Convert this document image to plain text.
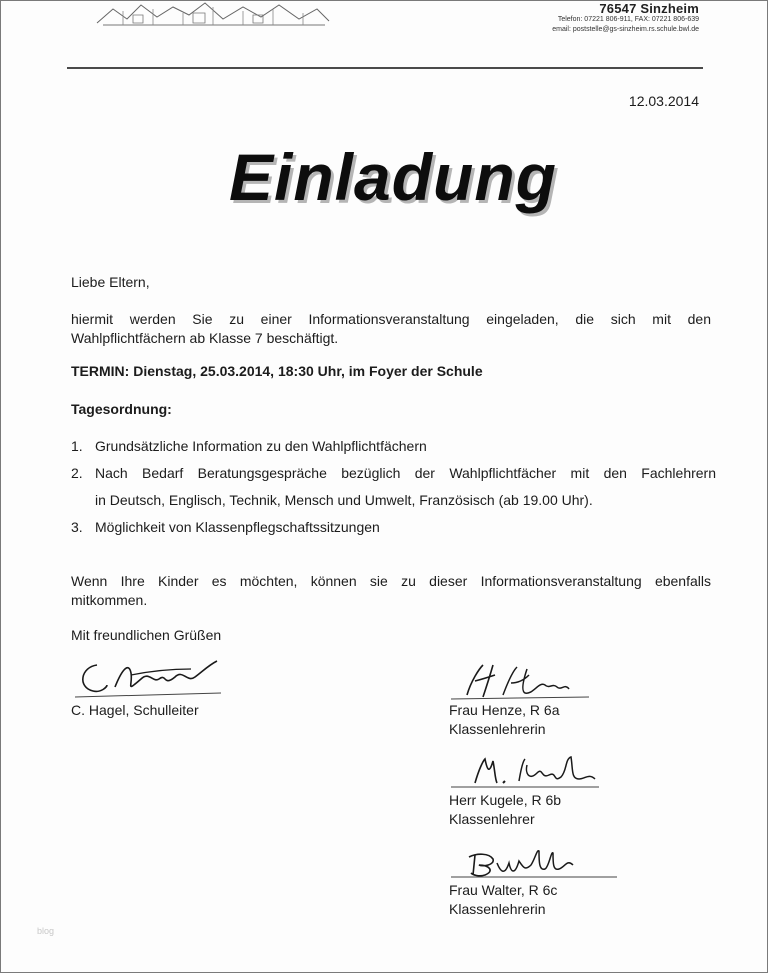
76547 Sinzheim
Telefon: 07221 806-911, FAX: 07221 806-639
email: poststelle@gs-sinzheim.rs.schule.bwl.de
12.03.2014
Einladung
Liebe Eltern,
hiermit werden Sie zu einer Informationsveranstaltung eingeladen, die sich mit den
Wahlpflichtfächern ab Klasse 7 beschäftigt.
TERMIN: Dienstag, 25.03.2014, 18:30 Uhr, im Foyer der Schule
Tagesordnung:
1. Grundsätzliche Information zu den Wahlpflichtfächern
2. Nach Bedarf Beratungsgespräche bezüglich der Wahlpflichtfächer mit den Fachlehrern
in Deutsch, Englisch, Technik, Mensch und Umwelt, Französisch (ab 19.00 Uhr).
3. Möglichkeit von Klassenpflegschaftssitzungen
Wenn Ihre Kinder es möchten, können sie zu dieser Informationsveranstaltung ebenfalls
mitkommen.
Mit freundlichen Grüßen
C. Hagel, Schulleiter	Frau Henze, R 6a
Klassenlehrerin
Herr Kugele, R 6b
Klassenlehrer
Frau Walter, R 6c
Klassenlehrerin
blog
